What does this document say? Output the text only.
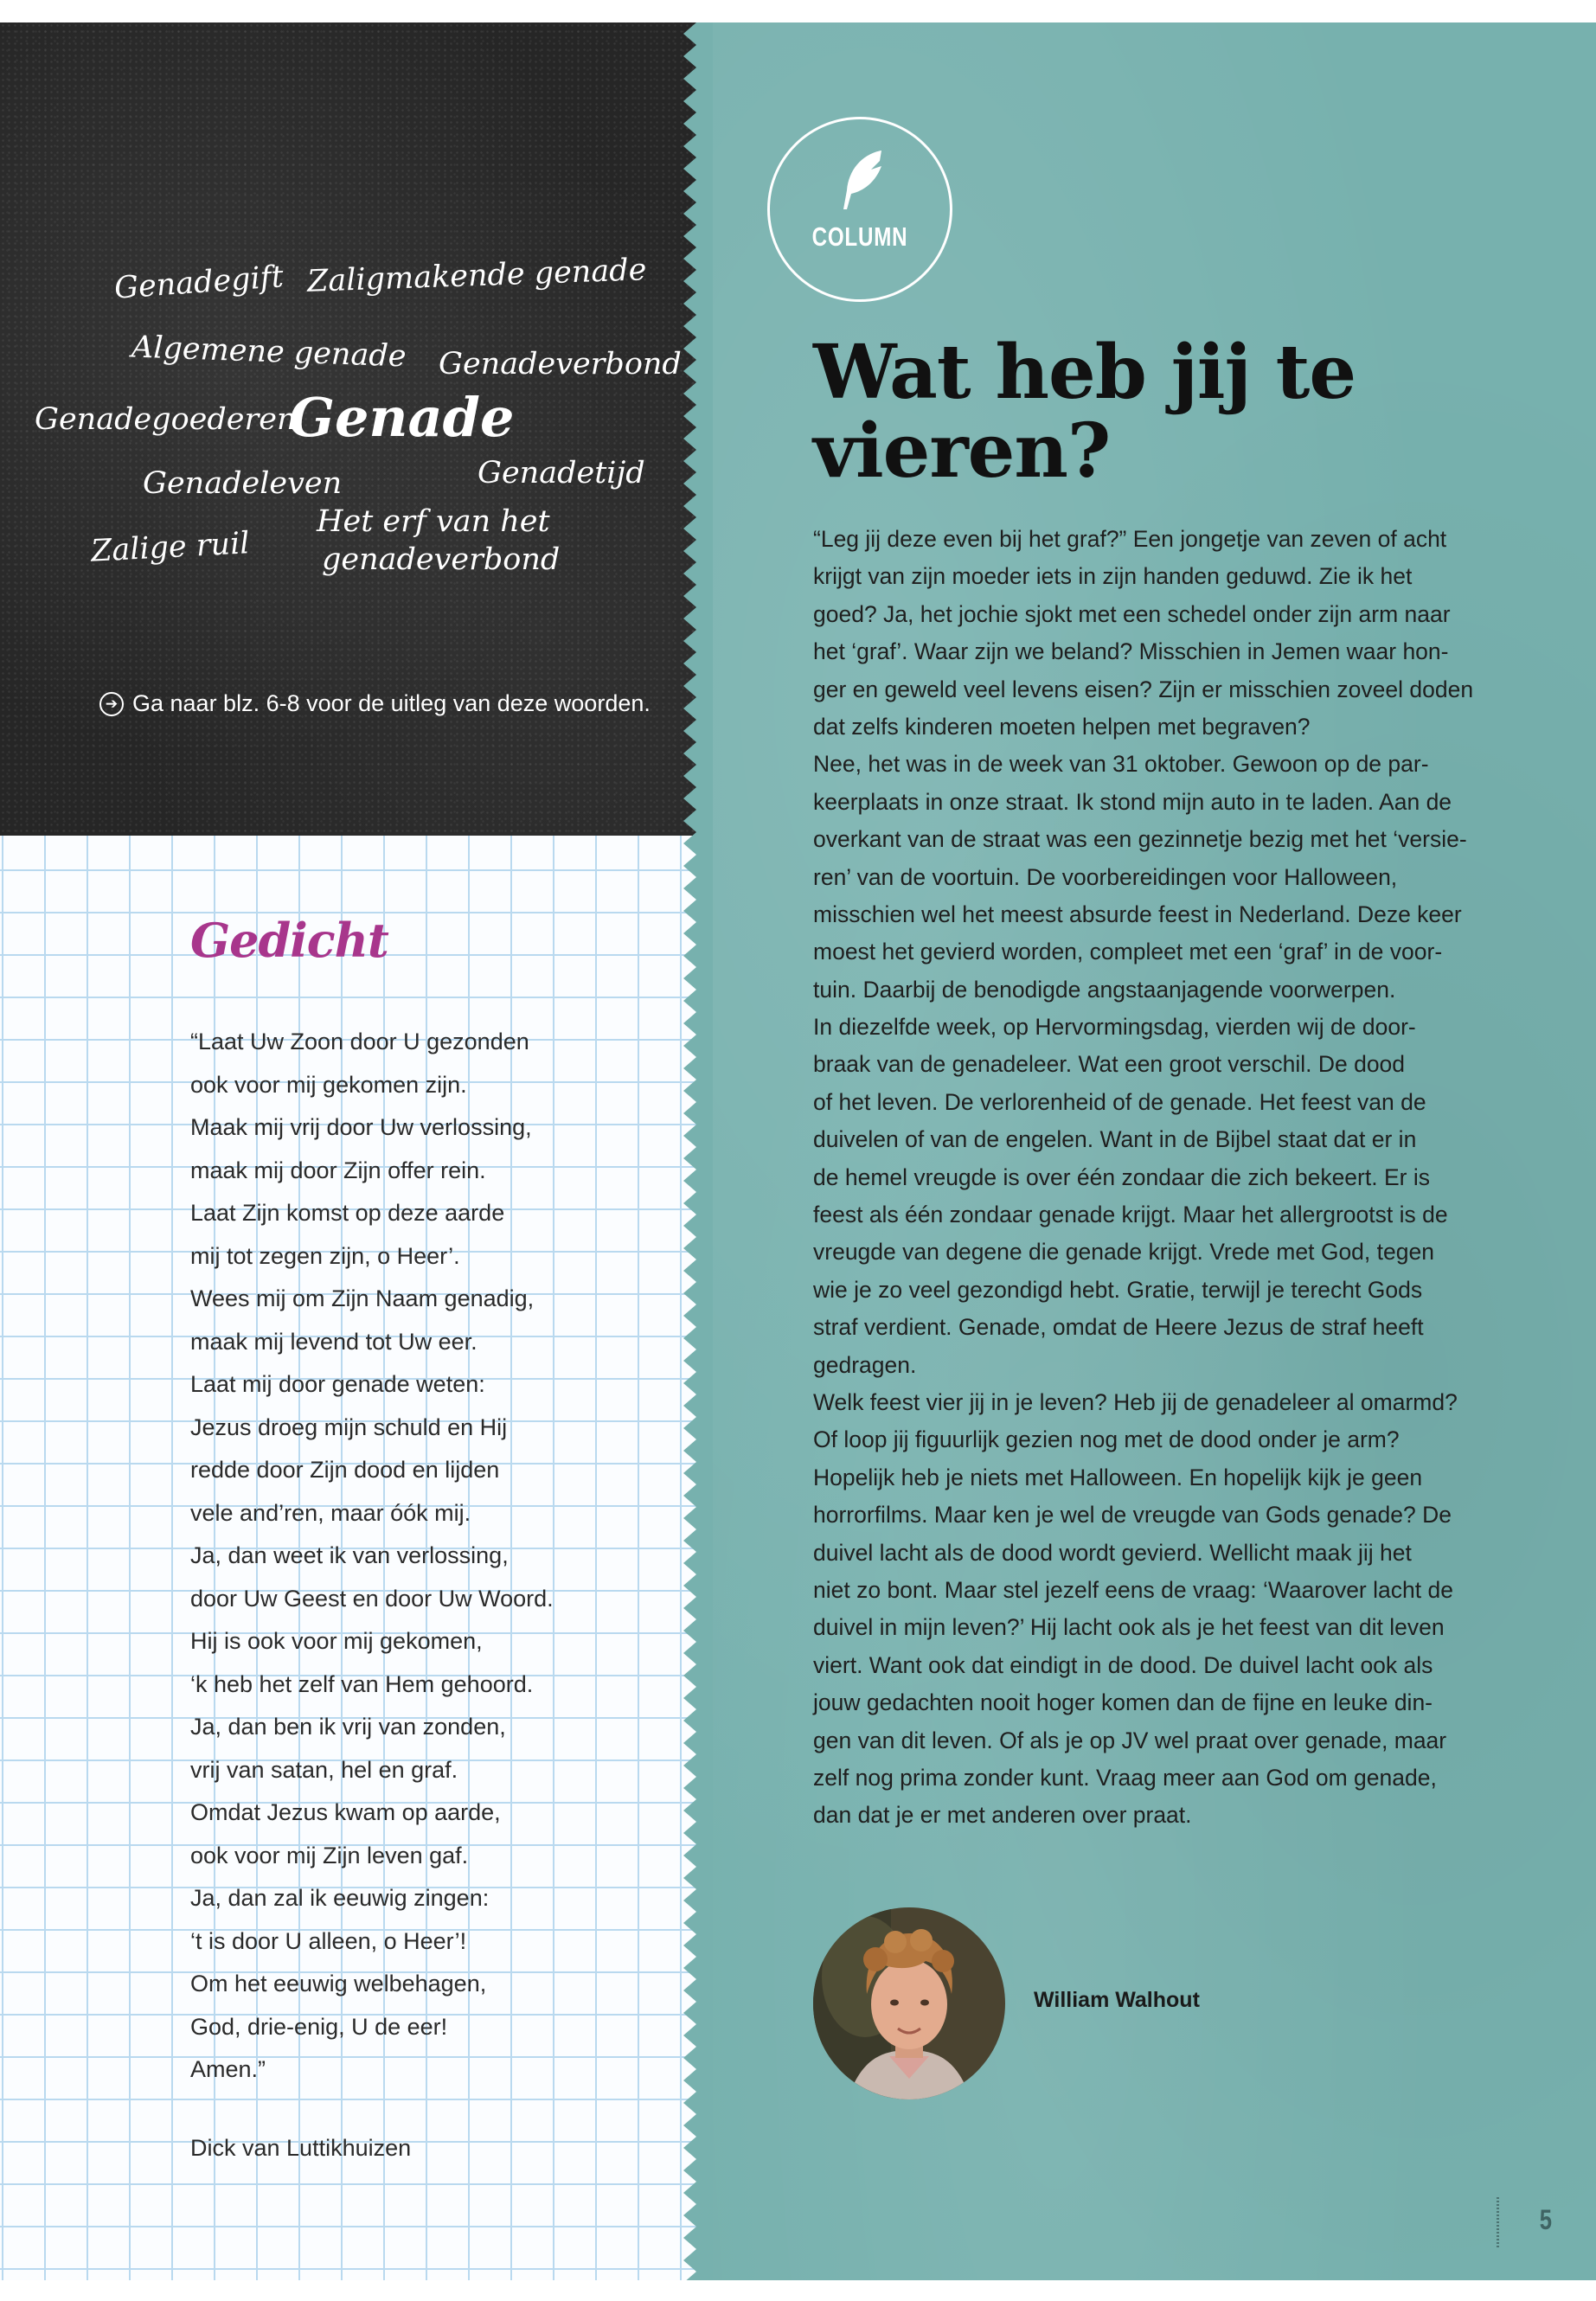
Genadegift Zaligmakende genade
Algemene genade Genadeverbond
Genadegoederen
Genade
Genadetijd
Genadeleven
Het erf van het
genadeverbond
Zalige ruil
➔ Ga naar blz. 6-8 voor de uitleg van deze woorden.
Gedicht
“Laat Uw Zoon door U gezonden
ook voor mij gekomen zijn.
Maak mij vrij door Uw verlossing,
maak mij door Zijn offer rein.
Laat Zijn komst op deze aarde
mij tot zegen zijn, o Heer’.
Wees mij om Zijn Naam genadig,
maak mij levend tot Uw eer.
Laat mij door genade weten:
Jezus droeg mijn schuld en Hij
redde door Zijn dood en lijden
vele and’ren, maar óók mij.
Ja, dan weet ik van verlossing,
door Uw Geest en door Uw Woord.
Hij is ook voor mij gekomen,
‘k heb het zelf van Hem gehoord.
Ja, dan ben ik vrij van zonden,
vrij van satan, hel en graf.
Omdat Jezus kwam op aarde,
ook voor mij Zijn leven gaf.
Ja, dan zal ik eeuwig zingen:
‘t is door U alleen, o Heer’!
Om het eeuwig welbehagen,
God, drie-enig, U de eer!
Amen.”
Dick van Luttikhuizen
COLUMN
Wat heb jij te vieren?
“Leg jij deze even bij het graf?” Een jongetje van zeven of acht
krijgt van zijn moeder iets in zijn handen geduwd. Zie ik het
goed? Ja, het jochie sjokt met een schedel onder zijn arm naar
het ‘graf’. Waar zijn we beland? Misschien in Jemen waar hon-
ger en geweld veel levens eisen? Zijn er misschien zoveel doden
dat zelfs kinderen moeten helpen met begraven?
Nee, het was in de week van 31 oktober. Gewoon op de par-
keerplaats in onze straat. Ik stond mijn auto in te laden. Aan de
overkant van de straat was een gezinnetje bezig met het ‘versie-
ren’ van de voortuin. De voorbereidingen voor Halloween,
misschien wel het meest absurde feest in Nederland. Deze keer
moest het gevierd worden, compleet met een ‘graf’ in de voor-
tuin. Daarbij de benodigde angstaanjagende voorwerpen.
In diezelfde week, op Hervormingsdag, vierden wij de door-
braak van de genadeleer. Wat een groot verschil. De dood
of het leven. De verlorenheid of de genade. Het feest van de
duivelen of van de engelen. Want in de Bijbel staat dat er in
de hemel vreugde is over één zondaar die zich bekeert. Er is
feest als één zondaar genade krijgt. Maar het allergrootst is de
vreugde van degene die genade krijgt. Vrede met God, tegen
wie je zo veel gezondigd hebt. Gratie, terwijl je terecht Gods
straf verdient. Genade, omdat de Heere Jezus de straf heeft
gedragen.
Welk feest vier jij in je leven? Heb jij de genadeleer al omarmd?
Of loop jij figuurlijk gezien nog met de dood onder je arm?
Hopelijk heb je niets met Halloween. En hopelijk kijk je geen
horrorfilms. Maar ken je wel de vreugde van Gods genade? De
duivel lacht als de dood wordt gevierd. Wellicht maak jij het
niet zo bont. Maar stel jezelf eens de vraag: ‘Waarover lacht de
duivel in mijn leven?’ Hij lacht ook als je het feest van dit leven
viert. Want ook dat eindigt in de dood. De duivel lacht ook als
jouw gedachten nooit hoger komen dan de fijne en leuke din-
gen van dit leven. Of als je op JV wel praat over genade, maar
zelf nog prima zonder kunt. Vraag meer aan God om genade,
dan dat je er met anderen over praat.
William Walhout
5
